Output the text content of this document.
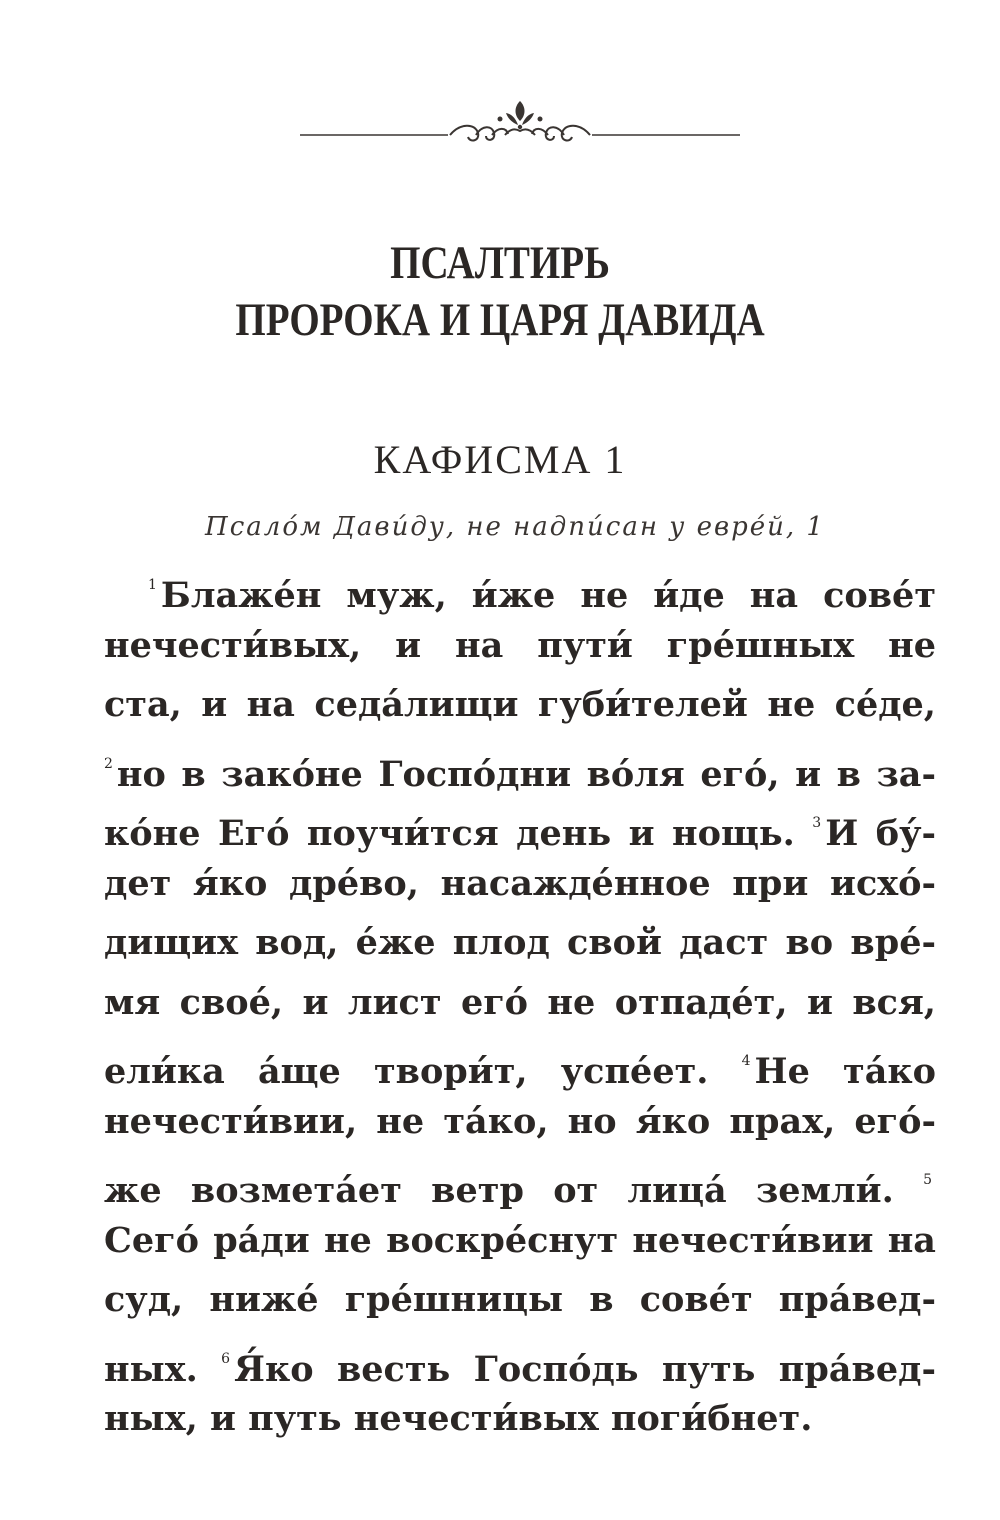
ПСАЛТИРЬ
ПРОРОКА И ЦАРЯ ДАВИДА
КАФИСМА 1
Псало́м Дави́ду, не надпи́сан у евре́й, 1
$^1$ Блаже́н муж, и́же не и́де на сове́т
нечести́вых, и на пути́ гре́шных не
ста, и на седа́лищи губи́телей не се́де,
$^2$ но в зако́не Госпо́дни во́ля его́, и в за-
ко́не Его́ поучи́тся день и нощь. $^3$ И бу́-
дет я́ко дре́во, насажде́нное при исхо́-
дищих вод, е́же плод свой даст во вре́-
мя свое́, и лист его́ не отпаде́т, и вся,
ели́ка а́ще твори́т, успе́ет. $^4$ Не та́ко
нечести́вии, не та́ко, но я́ко прах, его́-
же возмета́ет ветр от лица́ земли́. $^5$
Сего́ ра́ди не воскре́снут нечести́вии на
суд, ниже́ гре́шницы в сове́т пра́вед-
ных. $^6$ Я́ко весть Госпо́дь путь пра́вед-
ных, и путь нечести́вых поги́бнет.
